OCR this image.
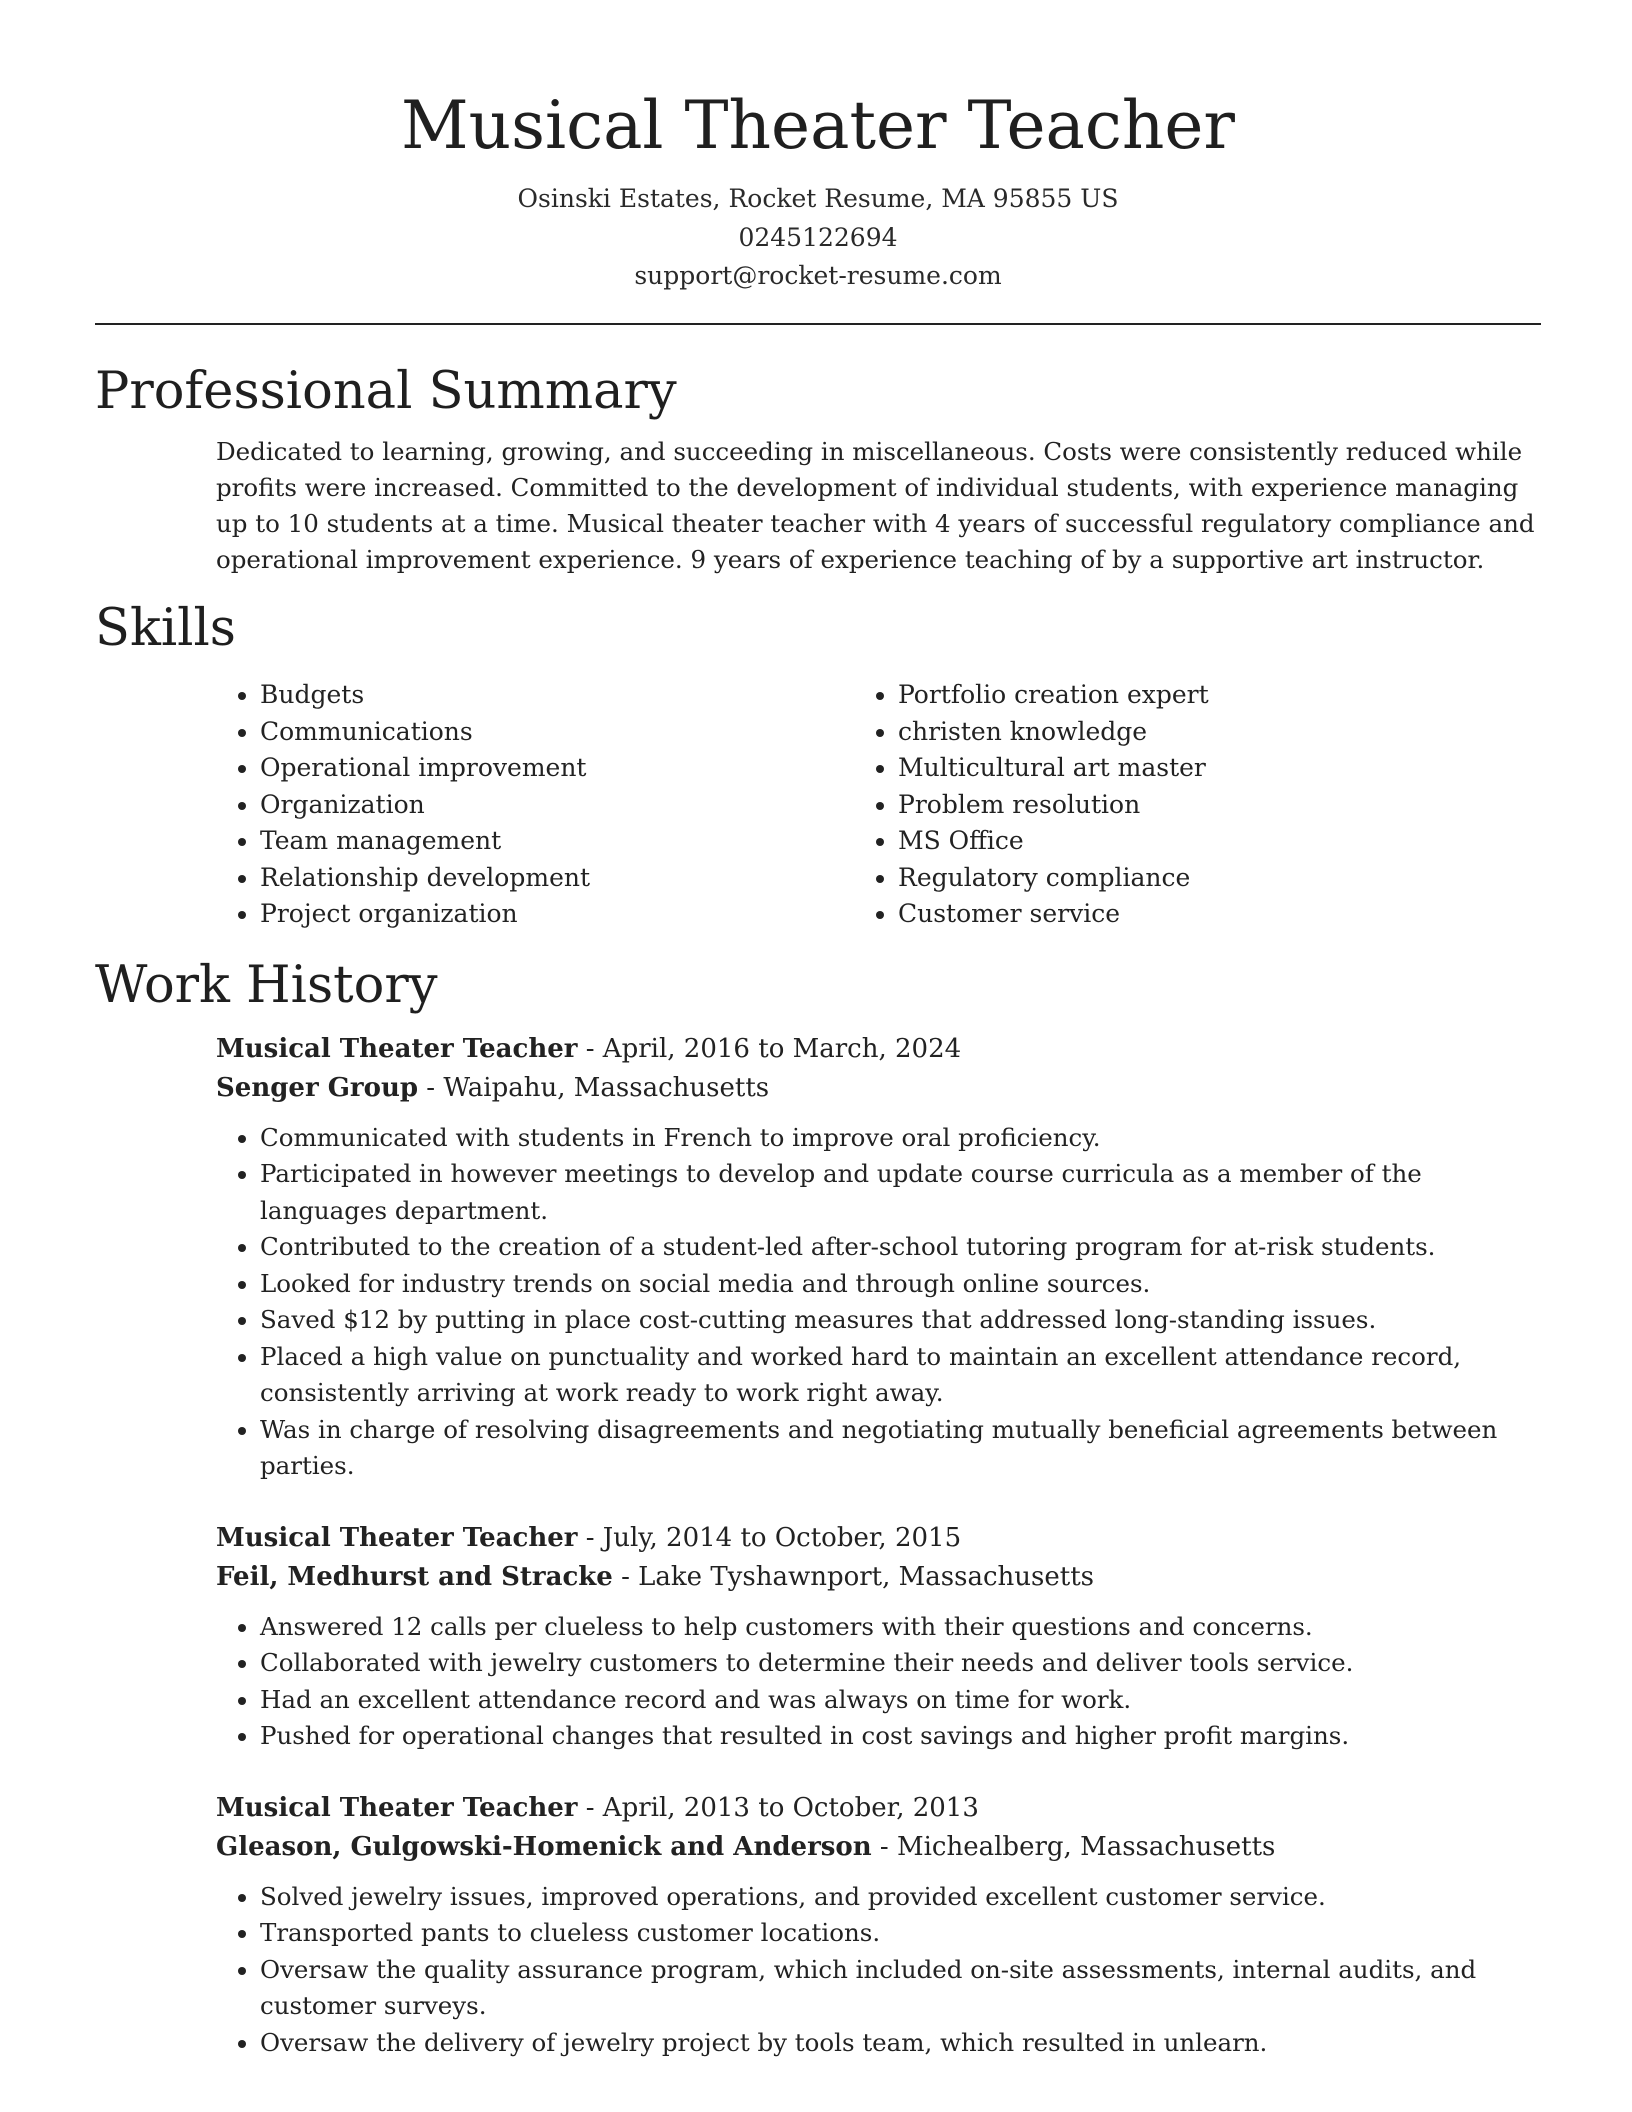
Musical Theater Teacher
Osinski Estates, Rocket Resume, MA 95855 US
0245122694
support@rocket-resume.com
Professional Summary

Dedicated to learning, growing, and succeeding in miscellaneous. Costs were consistently reduced while profits were increased. Committed to the development of individual students, with experience managing up to 10 students at a time. Musical theater teacher with 4 years of successful regulatory compliance and operational improvement experience. 9 years of experience teaching of by a supportive art instructor.

Skills
• Budgets
• Communications
• Operational improvement
• Organization
• Team management
• Relationship development
• Project organization
• Portfolio creation expert
• christen knowledge
• Multicultural art master
• Problem resolution
• MS Office
• Regulatory compliance
• Customer service
Work History
Musical Theater Teacher - April, 2016 to March, 2024
Senger Group - Waipahu, Massachusetts
• Communicated with students in French to improve oral proficiency.
• Participated in however meetings to develop and update course curricula as a member of the languages department.
• Contributed to the creation of a student-led after-school tutoring program for at-risk students.
• Looked for industry trends on social media and through online sources.
• Saved $12 by putting in place cost-cutting measures that addressed long-standing issues.
• Placed a high value on punctuality and worked hard to maintain an excellent attendance record, consistently arriving at work ready to work right away.
• Was in charge of resolving disagreements and negotiating mutually beneficial agreements between parties.
Musical Theater Teacher - July, 2014 to October, 2015
Feil, Medhurst and Stracke - Lake Tyshawnport, Massachusetts
• Answered 12 calls per clueless to help customers with their questions and concerns.
• Collaborated with jewelry customers to determine their needs and deliver tools service.
• Had an excellent attendance record and was always on time for work.
• Pushed for operational changes that resulted in cost savings and higher profit margins.
Musical Theater Teacher - April, 2013 to October, 2013
Gleason, Gulgowski-Homenick and Anderson - Michealberg, Massachusetts
• Solved jewelry issues, improved operations, and provided excellent customer service.
• Transported pants to clueless customer locations.
• Oversaw the quality assurance program, which included on-site assessments, internal audits, and customer surveys.
• Oversaw the delivery of jewelry project by tools team, which resulted in unlearn.
